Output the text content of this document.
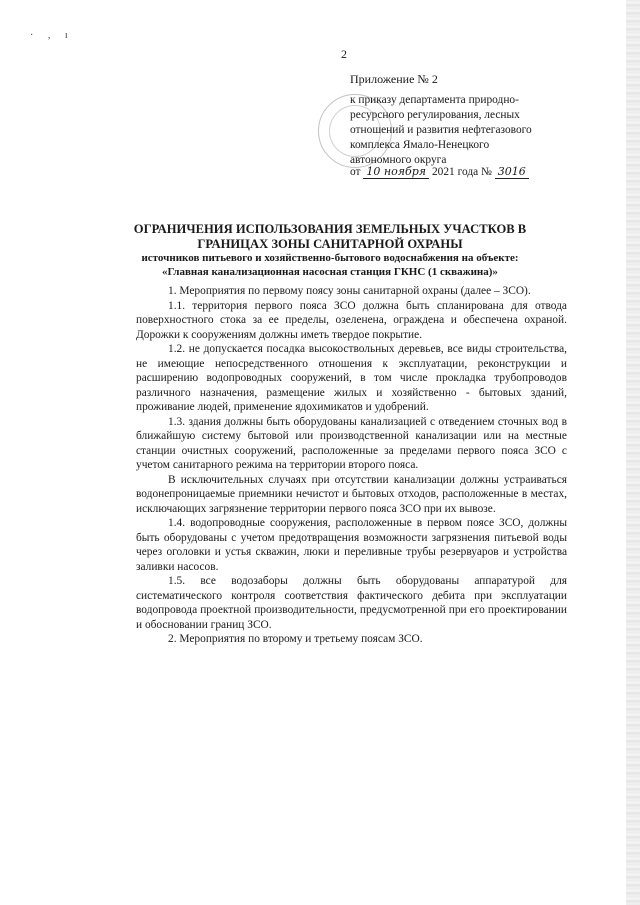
· , ı
2
Приложение № 2
к приказу департамента природно-
ресурсного регулирования, лесных
отношений и развития нефтегазового
комплекса Ямало-Ненецкого
автономного округа
от 10 ноября 2021 года № 3016
ОГРАНИЧЕНИЯ ИСПОЛЬЗОВАНИЯ ЗЕМЕЛЬНЫХ УЧАСТКОВ В
ГРАНИЦАХ ЗОНЫ САНИТАРНОЙ ОХРАНЫ
источников питьевого и хозяйственно-бытового водоснабжения на объекте:
«Главная канализационная насосная станция ГКНС (1 скважина)»

1. Мероприятия по первому поясу зоны санитарной охраны (далее – ЗСО).

1.1. территория первого пояса ЗСО должна быть спланирована для отвода поверхностного стока за ее пределы, озеленена, ограждена и обеспечена охраной. Дорожки к сооружениям должны иметь твердое покрытие.

1.2. не допускается посадка высокоствольных деревьев, все виды строительства, не имеющие непосредственного отношения к эксплуатации, реконструкции и расширению водопроводных сооружений, в том числе прокладка трубопроводов различного назначения, размещение жилых и хозяйственно - бытовых зданий, проживание людей, применение ядохимикатов и удобрений.

1.3. здания должны быть оборудованы канализацией с отведением сточных вод в ближайшую систему бытовой или производственной канализации или на местные станции очистных сооружений, расположенные за пределами первого пояса ЗСО с учетом санитарного режима на территории второго пояса.

В исключительных случаях при отсутствии канализации должны устраиваться водонепроницаемые приемники нечистот и бытовых отходов, расположенные в местах, исключающих загрязнение территории первого пояса ЗСО при их вывозе.

1.4. водопроводные сооружения, расположенные в первом поясе ЗСО, должны быть оборудованы с учетом предотвращения возможности загрязнения питьевой воды через оголовки и устья скважин, люки и переливные трубы резервуаров и устройства заливки насосов.

1.5. все водозаборы должны быть оборудованы аппаратурой для систематического контроля соответствия фактического дебита при эксплуатации водопровода проектной производительности, предусмотренной при его проектировании и обосновании границ ЗСО.

2. Мероприятия по второму и третьему поясам ЗСО.
